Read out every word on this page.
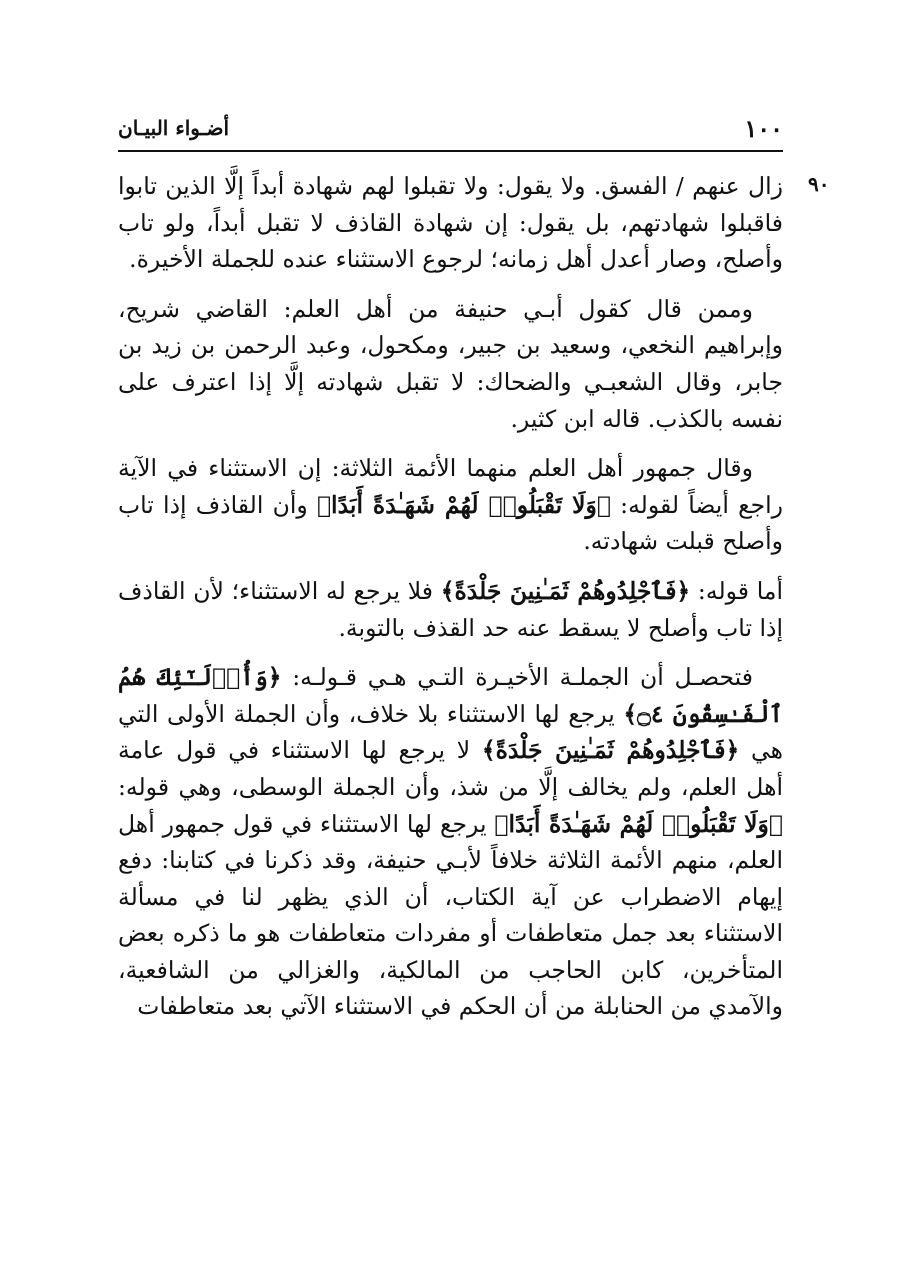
١٠٠
أضـواء البيـان
٩٠

زال عنهم / الفسق. ولا يقول: ولا تقبلوا لهم شهادة أبداً إلَّا الذين تابوا فاقبلوا شهادتهم، بل يقول: إن شهادة القاذف لا تقبل أبداً، ولو تاب وأصلح، وصار أعدل أهل زمانه؛ لرجوع الاستثناء عنده للجملة الأخيرة.

وممن قال كقول أبـي حنيفة من أهل العلم: القاضي شريح، وإبراهيم النخعي، وسعيد بن جبير، ومكحول، وعبد الرحمن بن زيد بن جابر، وقال الشعبـي والضحاك: لا تقبل شهادته إلَّا إذا اعترف على نفسه بالكذب. قاله ابن كثير.

وقال جمهور أهل العلم منهما الأئمة الثلاثة: إن الاستثناء في الآية راجع أيضاً لقوله: ﴿وَلَا تَقْبَلُوا۟ لَهُمْ شَهَـٰدَةً أَبَدًا﴾ وأن القاذف إذا تاب وأصلح قبلت شهادته.

أما قوله: ﴿فَٱجْلِدُوهُمْ ثَمَـٰنِينَ جَلْدَةً﴾ فلا يرجع له الاستثناء؛ لأن القاذف إذا تاب وأصلح لا يسقط عنه حد القذف بالتوبة.

فتحصـل أن الجملـة الأخيـرة التـي هـي قـولـه: ﴿وَأُو۟لَـٰٓئِكَ هُمُ ٱلْفَـٰسِقُونَ ۝٤﴾ يرجع لها الاستثناء بلا خلاف، وأن الجملة الأولى التي هي ﴿فَٱجْلِدُوهُمْ ثَمَـٰنِينَ جَلْدَةً﴾ لا يرجع لها الاستثناء في قول عامة أهل العلم، ولم يخالف إلَّا من شذ، وأن الجملة الوسطى، وهي قوله: ﴿وَلَا تَقْبَلُوا۟ لَهُمْ شَهَـٰدَةً أَبَدًا﴾ يرجع لها الاستثناء في قول جمهور أهل العلم، منهم الأئمة الثلاثة خلافاً لأبـي حنيفة، وقد ذكرنا في كتابنا: دفع إيهام الاضطراب عن آية الكتاب، أن الذي يظهر لنا في مسألة الاستثناء بعد جمل متعاطفات أو مفردات متعاطفات هو ما ذكره بعض المتأخرين، كابن الحاجب من المالكية، والغزالي من الشافعية، والآمدي من الحنابلة من أن الحكم في الاستثناء الآتي بعد متعاطفات
